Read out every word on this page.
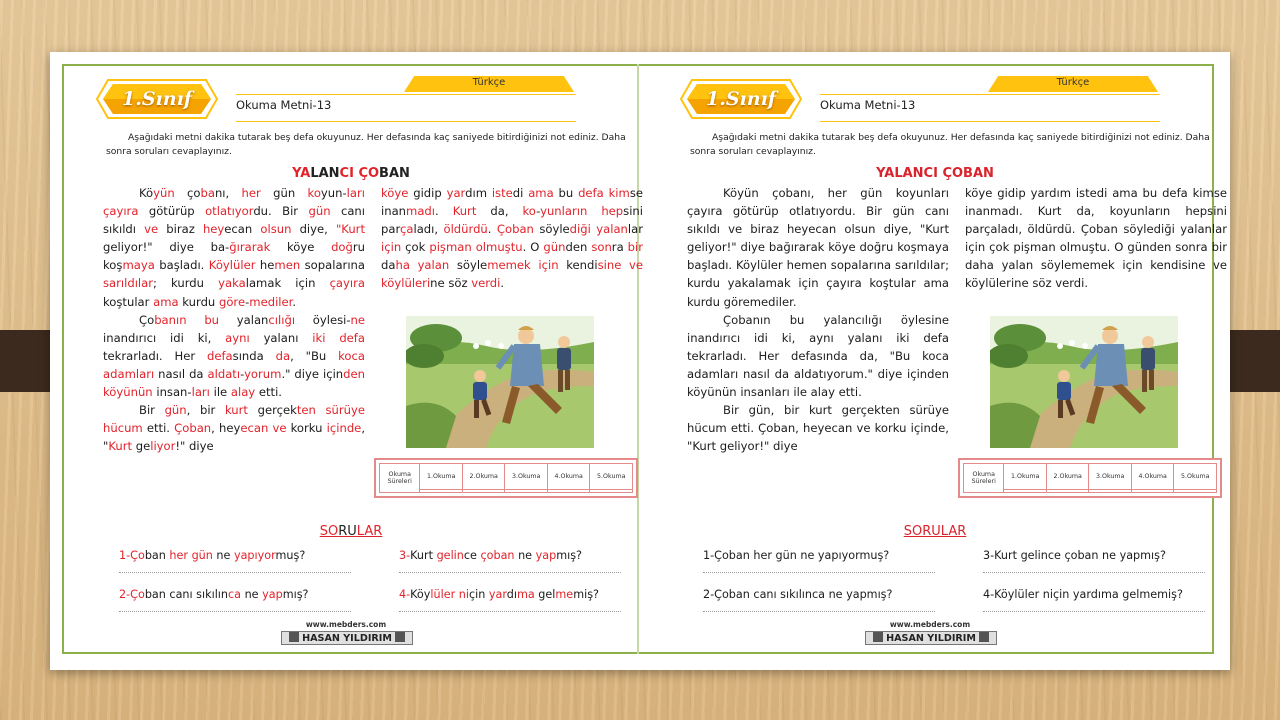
1.Sınıf
Türkçe
Okuma Metni-13
Aşağıdaki metni dakika tutarak beş defa okuyunuz. Her defasında kaç saniyede bitirdiğinizi not ediniz. Daha sonra soruları cevaplayınız.
YALANCI ÇOBAN

Köyün çobanı, her gün koyun-ları çayıra götürüp otlatıyordu. Bir gün canı sıkıldı ve biraz heyecan olsun diye, "Kurt geliyor!" diye ba-ğırarak köye doğru koşmaya başladı. Köylüler hemen sopalarına sarıldılar; kurdu yakalamak için çayıra koştular ama kurdu göre-mediler.

Çobanın bu yalancılığı öylesi-ne inandırıcı idi ki, aynı yalanı iki defa tekrarladı. Her defasında da, "Bu koca adamları nasıl da aldatı-yorum." diye içinden köyünün insan-ları ile alay etti.

Bir gün, bir kurt gerçekten sürüye hücum etti. Çoban, heyecan ve korku içinde, "Kurt geliyor!" diye

köye gidip yardım istedi ama bu defa kimse inanmadı. Kurt da, ko-yunların hepsini parçaladı, öldürdü. Çoban söylediği yalanlar için çok pişman olmuştu. O günden sonra bir daha yalan söylememek için kendisine ve köylülerine söz verdi.

Okuma Süreleri	1.Okuma	2.Okuma	3.Okuma	4.Okuma	5.Okuma

SORULAR
1-Çoban her gün ne yapıyormuş?
2-Çoban canı sıkılınca ne yapmış?
3-Kurt gelince çoban ne yapmış?
4-Köylüler niçin yardıma gelmemiş?
www.mebders.com
HASAN YILDIRIM
1.Sınıf
Türkçe
Okuma Metni-13
Aşağıdaki metni dakika tutarak beş defa okuyunuz. Her defasında kaç saniyede bitirdiğinizi not ediniz. Daha sonra soruları cevaplayınız.
YALANCI ÇOBAN

Köyün çobanı, her gün koyunları çayıra götürüp otlatıyordu. Bir gün canı sıkıldı ve biraz heyecan olsun diye, "Kurt geliyor!" diye bağırarak köye doğru koşmaya başladı. Köylüler hemen sopalarına sarıldılar; kurdu yakalamak için çayıra koştular ama kurdu göremediler.

Çobanın bu yalancılığı öylesine inandırıcı idi ki, aynı yalanı iki defa tekrarladı. Her defasında da, "Bu koca adamları nasıl da aldatıyorum." diye içinden köyünün insanları ile alay etti.

Bir gün, bir kurt gerçekten sürüye hücum etti. Çoban, heyecan ve korku içinde, "Kurt geliyor!" diye

köye gidip yardım istedi ama bu defa kimse inanmadı. Kurt da, koyunların hepsini parçaladı, öldürdü. Çoban söylediği yalanlar için çok pişman olmuştu. O günden sonra bir daha yalan söylememek için kendisine ve köylülerine söz verdi.

Okuma Süreleri	1.Okuma	2.Okuma	3.Okuma	4.Okuma	5.Okuma

SORULAR
1-Çoban her gün ne yapıyormuş?
2-Çoban canı sıkılınca ne yapmış?
3-Kurt gelince çoban ne yapmış?
4-Köylüler niçin yardıma gelmemiş?
www.mebders.com
HASAN YILDIRIM
